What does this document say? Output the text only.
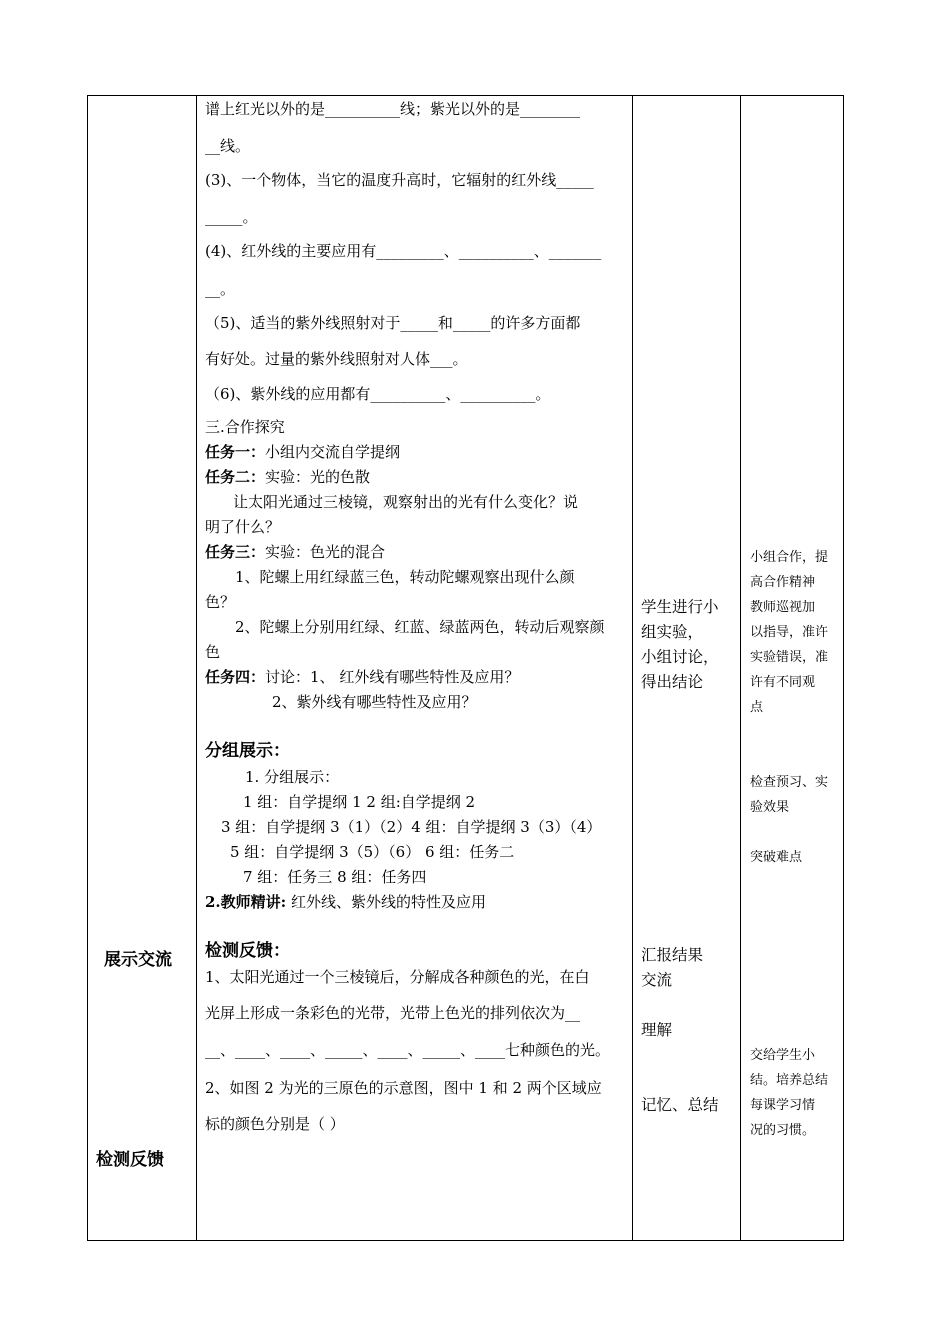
展示交流
检测反馈
谱上红光以外的是__________线；紫光以外的是________
__线。
(3)、一个物体，当它的温度升高时，它辐射的红外线_____
_____。
(4)、红外线的主要应用有_________、__________、_______
__。
（5)、适当的紫外线照射对于_____和_____的许多方面都
有好处。过量的紫外线照射对人体___。
（6)、紫外线的应用都有__________、__________。
三.合作探究
任务一：小组内交流自学提纲
任务二：实验：光的色散
让太阳光通过三棱镜，观察射出的光有什么变化？说
明了什么？
任务三：实验：色光的混合
1、陀螺上用红绿蓝三色，转动陀螺观察出现什么颜
色？
2、陀螺上分别用红绿、红蓝、绿蓝两色，转动后观察颜
色
任务四：讨论：1、 红外线有哪些特性及应用？
2、紫外线有哪些特性及应用？
分组展示：
1. 分组展示：
1 组：自学提纲 1 2 组:自学提纲 2
3 组：自学提纲 3（1）（2）4 组：自学提纲 3（3）（4）
5 组：自学提纲 3（5）（6） 6 组：任务二
7 组：任务三 8 组：任务四
2.教师精讲: 红外线、紫外线的特性及应用
检测反馈：
1、太阳光通过一个三棱镜后，分解成各种颜色的光，在白
光屏上形成一条彩色的光带，光带上色光的排列依次为__
__、____、____、_____、____、_____、____七种颜色的光。
2、如图 2 为光的三原色的示意图，图中 1 和 2 两个区域应
标的颜色分别是（ ）
学生进行小
组实验，
小组讨论，
得出结论
汇报结果
交流
理解
记忆、总结
小组合作，提
高合作精神
教师巡视加
以指导，准许
实验错误，准
许有不同观
点
检查预习、实
验效果
突破难点
交给学生小
结。培养总结
每课学习情
况的习惯。
